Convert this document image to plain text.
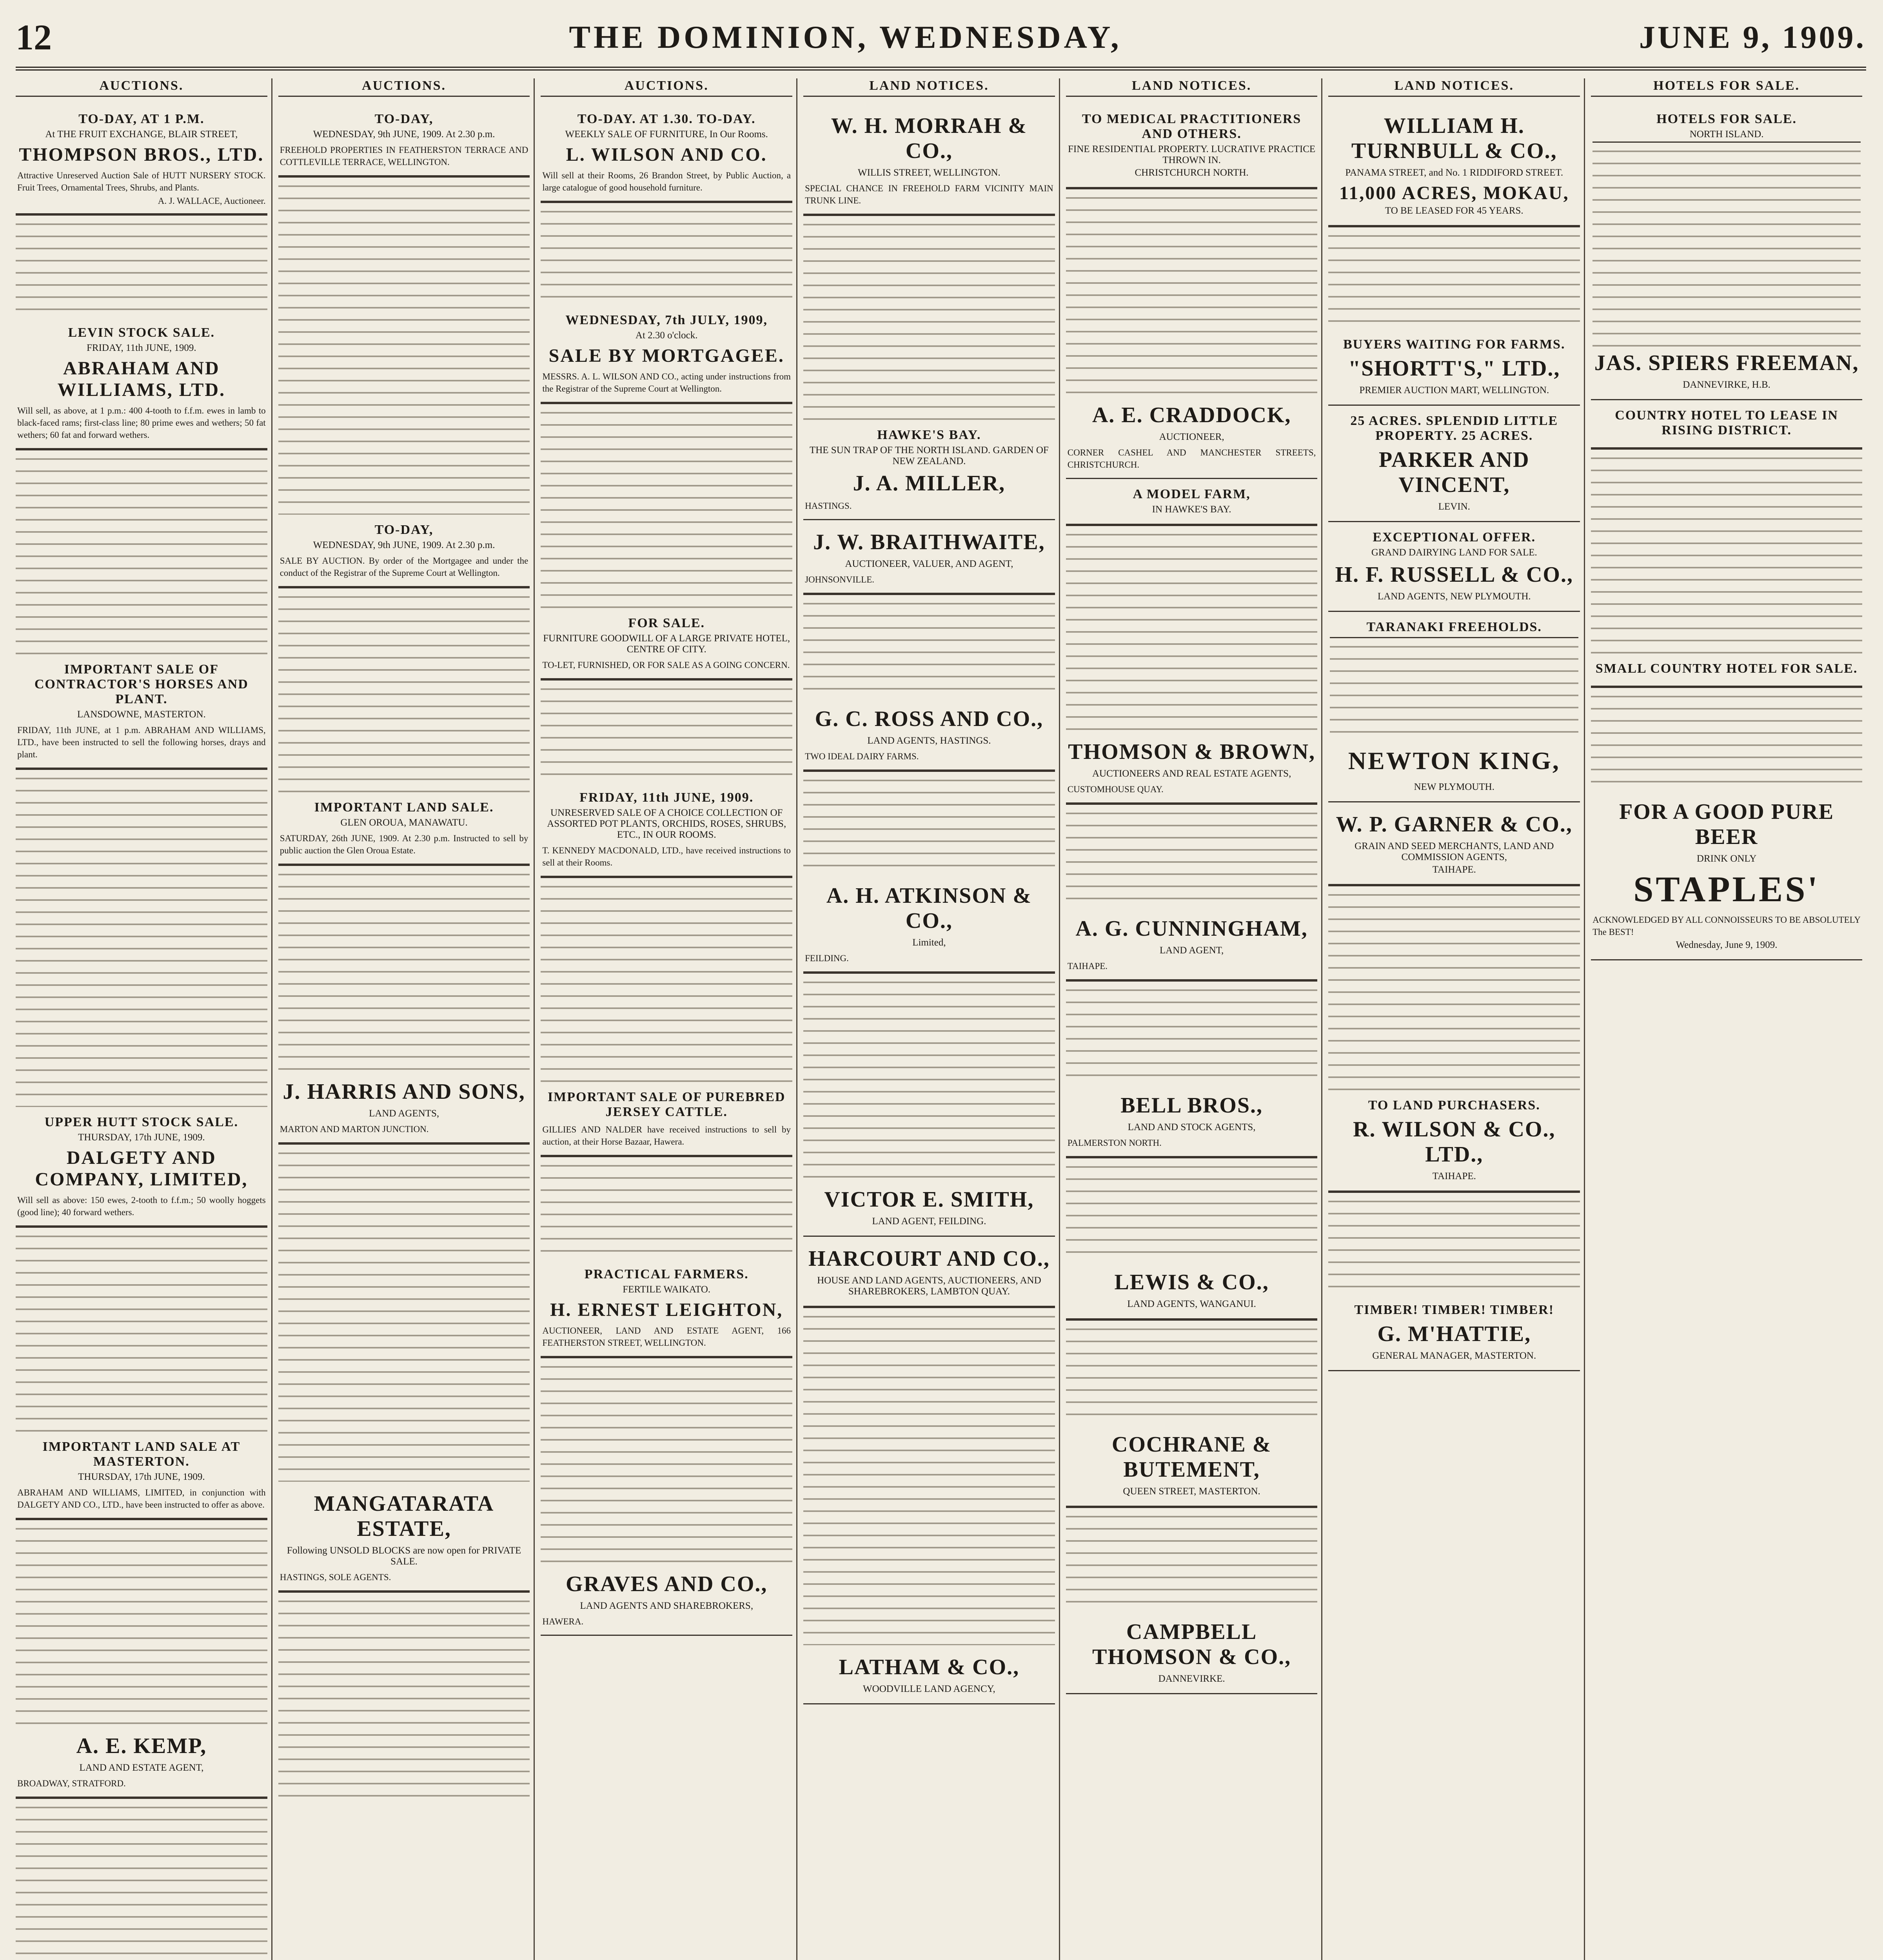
12	THE DOMINION, WEDNESDAY,	JUNE 9, 1909.
AUCTIONS.
TO-DAY, AT 1 P.M.
At THE FRUIT EXCHANGE, BLAIR STREET,
THOMPSON BROS., LTD.
Attractive Unreserved Auction Sale of HUTT NURSERY STOCK. Fruit Trees, Ornamental Trees, Shrubs, and Plants.
A. J. WALLACE, Auctioneer.
LEVIN STOCK SALE.
FRIDAY, 11th JUNE, 1909.
ABRAHAM AND WILLIAMS, LTD.
Will sell, as above, at 1 p.m.: 400 4-tooth to f.f.m. ewes in lamb to black-faced rams; first-class line; 80 prime ewes and wethers; 50 fat wethers; 60 fat and forward wethers.
IMPORTANT SALE OF CONTRACTOR'S HORSES AND PLANT.
LANSDOWNE, MASTERTON.
FRIDAY, 11th JUNE, at 1 p.m. ABRAHAM AND WILLIAMS, LTD., have been instructed to sell the following horses, drays and plant.
UPPER HUTT STOCK SALE.
THURSDAY, 17th JUNE, 1909.
DALGETY AND COMPANY, LIMITED,
Will sell as above: 150 ewes, 2-tooth to f.f.m.; 50 woolly hoggets (good line); 40 forward wethers.
IMPORTANT LAND SALE AT MASTERTON.
THURSDAY, 17th JUNE, 1909.
ABRAHAM AND WILLIAMS, LIMITED, in conjunction with DALGETY AND CO., LTD., have been instructed to offer as above.
A. E. KEMP,
LAND AND ESTATE AGENT,
BROADWAY, STRATFORD.
AUCTIONS.
TO-DAY,
WEDNESDAY, 9th JUNE, 1909. At 2.30 p.m.
FREEHOLD PROPERTIES IN FEATHERSTON TERRACE AND COTTLEVILLE TERRACE, WELLINGTON.
TO-DAY,
WEDNESDAY, 9th JUNE, 1909. At 2.30 p.m.
SALE BY AUCTION. By order of the Mortgagee and under the conduct of the Registrar of the Supreme Court at Wellington.
IMPORTANT LAND SALE.
GLEN OROUA, MANAWATU.
SATURDAY, 26th JUNE, 1909. At 2.30 p.m. Instructed to sell by public auction the Glen Oroua Estate.
J. HARRIS AND SONS,
LAND AGENTS,
MARTON AND MARTON JUNCTION.
MANGATARATA ESTATE,
Following UNSOLD BLOCKS are now open for PRIVATE SALE.
HASTINGS, SOLE AGENTS.
AUCTIONS.
TO-DAY. AT 1.30. TO-DAY.
WEEKLY SALE OF FURNITURE, In Our Rooms.
L. WILSON AND CO.
Will sell at their Rooms, 26 Brandon Street, by Public Auction, a large catalogue of good household furniture.
WEDNESDAY, 7th JULY, 1909,
At 2.30 o'clock.
SALE BY MORTGAGEE.
MESSRS. A. L. WILSON AND CO., acting under instructions from the Registrar of the Supreme Court at Wellington.
FOR SALE.
FURNITURE GOODWILL OF A LARGE PRIVATE HOTEL, CENTRE OF CITY.
TO-LET, FURNISHED, OR FOR SALE AS A GOING CONCERN.
FRIDAY, 11th JUNE, 1909.
UNRESERVED SALE OF A CHOICE COLLECTION OF ASSORTED POT PLANTS, ORCHIDS, ROSES, SHRUBS, ETC., IN OUR ROOMS.
T. KENNEDY MACDONALD, LTD., have received instructions to sell at their Rooms.
IMPORTANT SALE OF PUREBRED JERSEY CATTLE.
GILLIES AND NALDER have received instructions to sell by auction, at their Horse Bazaar, Hawera.
PRACTICAL FARMERS.
FERTILE WAIKATO.
H. ERNEST LEIGHTON,
AUCTIONEER, LAND AND ESTATE AGENT, 166 FEATHERSTON STREET, WELLINGTON.
GRAVES AND CO.,
LAND AGENTS AND SHAREBROKERS,
HAWERA.
LAND NOTICES.
W. H. MORRAH & CO.,
WILLIS STREET, WELLINGTON.
SPECIAL CHANCE IN FREEHOLD FARM VICINITY MAIN TRUNK LINE.
HAWKE'S BAY.
THE SUN TRAP OF THE NORTH ISLAND. GARDEN OF NEW ZEALAND.
J. A. MILLER,
HASTINGS.
J. W. BRAITHWAITE,
AUCTIONEER, VALUER, AND AGENT,
JOHNSONVILLE.
G. C. ROSS AND CO.,
LAND AGENTS, HASTINGS.
TWO IDEAL DAIRY FARMS.
A. H. ATKINSON & CO.,
Limited,
FEILDING.
VICTOR E. SMITH,
LAND AGENT, FEILDING.
HARCOURT AND CO.,
HOUSE AND LAND AGENTS, AUCTIONEERS, AND SHAREBROKERS, LAMBTON QUAY.
LATHAM & CO.,
WOODVILLE LAND AGENCY,
LAND NOTICES.
TO MEDICAL PRACTITIONERS AND OTHERS.
FINE RESIDENTIAL PROPERTY. LUCRATIVE PRACTICE THROWN IN.
CHRISTCHURCH NORTH.
A. E. CRADDOCK,
AUCTIONEER,
CORNER CASHEL AND MANCHESTER STREETS, CHRISTCHURCH.
A MODEL FARM,
IN HAWKE'S BAY.
THOMSON & BROWN,
AUCTIONEERS AND REAL ESTATE AGENTS,
CUSTOMHOUSE QUAY.
A. G. CUNNINGHAM,
LAND AGENT,
TAIHAPE.
BELL BROS.,
LAND AND STOCK AGENTS,
PALMERSTON NORTH.
LEWIS & CO.,
LAND AGENTS, WANGANUI.
COCHRANE & BUTEMENT,
QUEEN STREET, MASTERTON.
CAMPBELL THOMSON & CO.,
DANNEVIRKE.
LAND NOTICES.
WILLIAM H. TURNBULL & CO.,
PANAMA STREET, and No. 1 RIDDIFORD STREET.
11,000 ACRES, MOKAU,
TO BE LEASED FOR 45 YEARS.
BUYERS WAITING FOR FARMS.
"SHORTT'S," LTD.,
PREMIER AUCTION MART, WELLINGTON.
25 ACRES. SPLENDID LITTLE PROPERTY. 25 ACRES.
PARKER AND VINCENT,
LEVIN.
EXCEPTIONAL OFFER.
GRAND DAIRYING LAND FOR SALE.
H. F. RUSSELL & CO.,
LAND AGENTS, NEW PLYMOUTH.
TARANAKI FREEHOLDS.
NEWTON KING,
NEW PLYMOUTH.
W. P. GARNER & CO.,
GRAIN AND SEED MERCHANTS, LAND AND COMMISSION AGENTS,
TAIHAPE.
TO LAND PURCHASERS.
R. WILSON & CO., LTD.,
TAIHAPE.
TIMBER! TIMBER! TIMBER!
G. M'HATTIE,
GENERAL MANAGER, MASTERTON.
HOTELS FOR SALE.
HOTELS FOR SALE.
NORTH ISLAND.
JAS. SPIERS FREEMAN,
DANNEVIRKE, H.B.
COUNTRY HOTEL TO LEASE IN RISING DISTRICT.
SMALL COUNTRY HOTEL FOR SALE.
FOR A GOOD PURE BEER
DRINK ONLY
STAPLES'
ACKNOWLEDGED BY ALL CONNOISSEURS TO BE ABSOLUTELY The BEST!
Wednesday, June 9, 1909.
